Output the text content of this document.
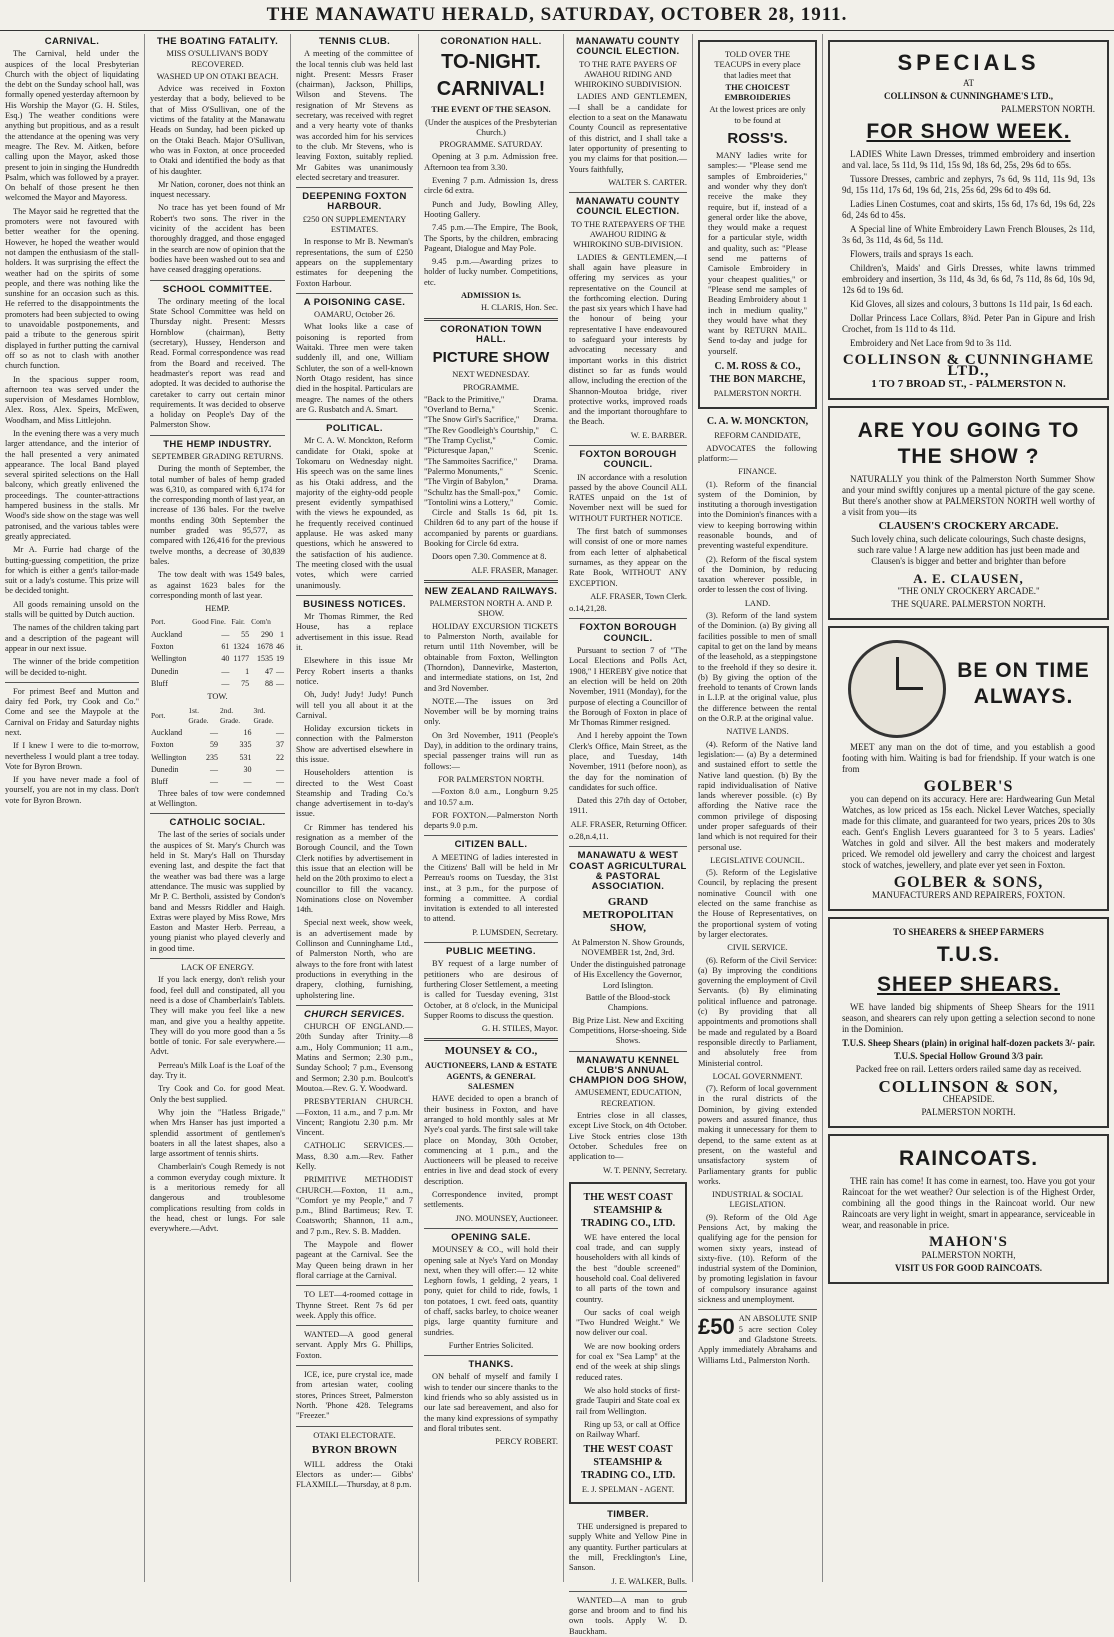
THE MANAWATU HERALD, SATURDAY, OCTOBER 28, 1911.
CARNIVAL.

The Carnival, held under the auspices of the local Presbyterian Church with the object of liquidating the debt on the Sunday school hall, was formally opened yesterday afternoon by His Worship the Mayor (G. H. Stiles, Esq.) The weather conditions were anything but propitious, and as a result the attendance at the opening was very meagre. The Rev. M. Aitken, before calling upon the Mayor, asked those present to join in singing the Hundredth Psalm, which was followed by a prayer. On behalf of those present he then welcomed the Mayor and Mayoress.

The Mayor said he regretted that the promoters were not favoured with better weather for the opening. However, he hoped the weather would not dampen the enthusiasm of the stall-holders. It was surprising the effect the weather had on the spirits of some people, and there was nothing like the sunshine for an occasion such as this. He referred to the disappointments the promoters had been subjected to owing to unavoidable postponements, and paid a tribute to the generous spirit displayed in further putting the carnival off so as not to clash with another church function.

In the spacious supper room, afternoon tea was served under the supervision of Mesdames Hornblow, Alex. Ross, Alex. Speirs, McEwen, Woodham, and Miss Littlejohn.

In the evening there was a very much larger attendance, and the interior of the hall presented a very animated appearance. The local Band played several spirited selections on the Hall balcony, which greatly enlivened the proceedings. The counter-attractions hampered business in the stalls. Mr Wood's side show on the stage was well patronised, and the various tables were greatly appreciated.

Mr A. Furrie had charge of the butting-guessing competition, the prize for which is either a gent's tailor-made suit or a lady's costume. This prize will be decided tonight.

All goods remaining unsold on the stalls will be quitted by Dutch auction.

The names of the children taking part and a description of the pageant will appear in our next issue.

The winner of the bride competition will be decided to-night.

For primest Beef and Mutton and dairy fed Pork, try Cook and Co." Come and see the Maypole at the Carnival on Friday and Saturday nights next.

If I knew I were to die to-morrow, nevertheless I would plant a tree today. Vote for Byron Brown.

If you have never made a fool of yourself, you are not in my class. Don't vote for Byron Brown.

THE BOATING FATALITY.
MISS O'SULLIVAN'S BODY RECOVERED.
WASHED UP ON OTAKI BEACH.

Advice was received in Foxton yesterday that a body, believed to be that of Miss O'Sullivan, one of the victims of the fatality at the Manawatu Heads on Sunday, had been picked up on the Otaki Beach. Major O'Sullivan, who was in Foxton, at once proceeded to Otaki and identified the body as that of his daughter.

Mr Nation, coroner, does not think an inquest necessary.

No trace has yet been found of Mr Robert's two sons. The river in the vicinity of the accident has been thoroughly dragged, and those engaged in the search are now of opinion that the bodies have been washed out to sea and have ceased dragging operations.

SCHOOL COMMITTEE.

The ordinary meeting of the local State School Committee was held on Thursday night. Present: Messrs Hornblow (chairman), Betty (secretary), Hussey, Henderson and Read. Formal correspondence was read from the Board and received. The headmaster's report was read and adopted. It was decided to authorise the caretaker to carry out certain minor requirements. It was decided to observe a holiday on People's Day of the Palmerston Show.

THE HEMP INDUSTRY.
SEPTEMBER GRADING RETURNS.

During the month of September, the total number of bales of hemp graded was 6,310, as compared with 6,174 for the corresponding month of last year, an increase of 136 bales. For the twelve months ending 30th September the number graded was 95,577, as compared with 126,416 for the previous twelve months, a decrease of 30,839 bales.

The tow dealt with was 1549 bales, as against 1623 bales for the corresponding month of last year.

HEMP.
Port.	Good Fine.	Fair.	Com'n	
Auckland	—	55	290	1
Foxton	61	1324	1678	46
Wellington	40	1177	1535	19
Dunedin	—	1	47	—
Bluff	—	75	88	—
TOW.
Port.	1st. Grade.	2nd. Grade.	3rd. Grade.
Auckland	—	16	—
Foxton	59	335	37
Wellington	235	531	22
Dunedin	—	30	—
Bluff	—	—	—

Three bales of tow were condemned at Wellington.

CATHOLIC SOCIAL.

The last of the series of socials under the auspices of St. Mary's Church was held in St. Mary's Hall on Thursday evening last, and despite the fact that the weather was bad there was a large attendance. The music was supplied by Mr P. C. Bertholi, assisted by Condon's band and Messrs Riddler and Haigh. Extras were played by Miss Rowe, Mrs Easton and Master Herb. Perreau, a young pianist who played cleverly and in good time.

LACK OF ENERGY.

If you lack energy, don't relish your food, feel dull and constipated, all you need is a dose of Chamberlain's Tablets. They will make you feel like a new man, and give you a healthy appetite. They will do you more good than a 5s bottle of tonic. For sale everywhere.—Advt.

Perreau's Milk Loaf is the Loaf of the day. Try it.

Try Cook and Co. for good Meat. Only the best supplied.

Why join the "Hatless Brigade," when Mrs Hanser has just imported a splendid assortment of gentlemen's boaters in all the latest shapes, also a large assortment of tennis shirts.

Chamberlain's Cough Remedy is not a common everyday cough mixture. It is a meritorious remedy for all dangerous and troublesome complications resulting from colds in the head, chest or lungs. For sale everywhere.—Advt.

TENNIS CLUB.

A meeting of the committee of the local tennis club was held last night. Present: Messrs Fraser (chairman), Jackson, Phillips, Wilson and Stevens. The resignation of Mr Stevens as secretary, was received with regret and a very hearty vote of thanks was accorded him for his services to the club. Mr Stevens, who is leaving Foxton, suitably replied. Mr Gabites was unanimously elected secretary and treasurer.

DEEPENING FOXTON HARBOUR.
£250 ON SUPPLEMENTARY ESTIMATES.

In response to Mr B. Newman's representations, the sum of £250 appears on the supplementary estimates for deepening the Foxton Harbour.

A POISONING CASE.
OAMARU, October 26.

What looks like a case of poisoning is reported from Waitaki. Three men were taken suddenly ill, and one, William Schluter, the son of a well-known North Otago resident, has since died in the hospital. Particulars are meagre. The names of the others are G. Rusbatch and A. Smart.

POLITICAL.

Mr C. A. W. Monckton, Reform candidate for Otaki, spoke at Tokomaru on Wednesday night. His speech was on the same lines as his Otaki address, and the majority of the eighty-odd people present evidently sympathised with the views he expounded, as he frequently received continued applause. He was asked many questions, which he answered to the satisfaction of his audience. The meeting closed with the usual votes, which were carried unanimously.

BUSINESS NOTICES.

Mr Thomas Rimmer, the Red House, has a replace advertisement in this issue. Read it.

Elsewhere in this issue Mr Percy Robert inserts a thanks notice.

Oh, Judy! Judy! Judy! Punch will tell you all about it at the Carnival.

Holiday excursion tickets in connection with the Palmerston Show are advertised elsewhere in this issue.

Householders attention is directed to the West Coast Steamship and Trading Co.'s change advertisement in to-day's issue.

Cr Rimmer has tendered his resignation as a member of the Borough Council, and the Town Clerk notifies by advertisement in this issue that an election will be held on the 20th proximo to elect a councillor to fill the vacancy. Nominations close on November 14th.

Special next week, show week, is an advertisement made by Collinson and Cunninghame Ltd., of Palmerston North, who are always to the fore front with latest productions in everything in the drapery, clothing, furnishing, upholstering line.

CHURCH SERVICES.

CHURCH OF ENGLAND.—20th Sunday after Trinity.—8 a.m., Holy Communion; 11 a.m., Matins and Sermon; 2.30 p.m., Sunday School; 7 p.m., Evensong and Sermon; 2.30 p.m. Boulcott's Moutoa.—Rev. G. Y. Woodward.

PRESBYTERIAN CHURCH.—Foxton, 11 a.m., and 7 p.m. Mr Vincent; Rangiotu 2.30 p.m. Mr Vincent.

CATHOLIC SERVICES.—Mass, 8.30 a.m.—Rev. Father Kelly.

PRIMITIVE METHODIST CHURCH.—Foxton, 11 a.m., "Comfort ye my People," and 7 p.m., Blind Bartimeus; Rev. T. Coatsworth; Shannon, 11 a.m., and 7 p.m., Rev. S. B. Madden.

The Maypole and flower pageant at the Carnival. See the May Queen being drawn in her floral carriage at the Carnival.

TO LET—4-roomed cottage in Thynne Street. Rent 7s 6d per week. Apply this office.

WANTED—A good general servant. Apply Mrs G. Phillips, Foxton.

ICE, ice, pure crystal ice, made from artesian water, cooling stores, Princes Street, Palmerston North. 'Phone 428. Telegrams "Freezer."

OTAKI ELECTORATE.
BYRON BROWN

WILL address the Otaki Electors as under:— Gibbs' FLAXMILL—Thursday, at 8 p.m.

CORONATION HALL.
TO-NIGHT.
CARNIVAL!
THE EVENT OF THE SEASON.
(Under the auspices of the Presbyterian Church.)
PROGRAMME. SATURDAY.

Opening at 3 p.m. Admission free. Afternoon tea from 3.30.

Evening 7 p.m. Admission 1s, dress circle 6d extra.

Punch and Judy, Bowling Alley, Hooting Gallery.

7.45 p.m.—The Empire, The Book, The Sports, by the children, embracing Pageant, Dialogue and May Pole.

9.45 p.m.—Awarding prizes to holder of lucky number. Competitions, etc.

ADMISSION 1s.
H. CLARIS, Hon. Sec.
CORONATION TOWN HALL.
PICTURE SHOW
NEXT WEDNESDAY.
PROGRAMME.
"Back to the Primitive,"	Drama.
"Overland to Berna,"	Scenic.
"The Snow Girl's Sacrifice," Drama.
"The Rev Goodleigh's Courtship," C.
"The Tramp Cyclist,"	Comic.
"Picturesque Japan,"	Scenic.
"The Sammoites Sacrifice," Drama.
"Palermo Monuments,"	Scenic.
"The Virgin of Babylon,"	Drama.
"Schultz has the Small-pox," Comic.
"Tontolini wins a Lottery," Comic.

Circle and Stalls 1s 6d, pit 1s. Children 6d to any part of the house if accompanied by parents or guardians. Booking for Circle 6d extra.

Doors open 7.30. Commence at 8.

ALF. FRASER, Manager.
NEW ZEALAND RAILWAYS.
PALMERSTON NORTH A. AND P. SHOW.

HOLIDAY EXCURSION TICKETS to Palmerston North, available for return until 11th November, will be obtainable from Foxton, Wellington (Thorndon), Dannevirke, Masterton, and intermediate stations, on 1st, 2nd and 3rd November.

NOTE.—The issues on 3rd November will be by morning trains only.

On 3rd November, 1911 (People's Day), in addition to the ordinary trains, special passenger trains will run as follows:—

FOR PALMERSTON NORTH.

—Foxton 8.0 a.m., Longburn 9.25 and 10.57 a.m.

FOR FOXTON.—Palmerston North departs 9.0 p.m.

CITIZEN BALL.

A MEETING of ladies interested in the Citizens' Ball will be held in Mr Perreau's rooms on Tuesday, the 31st inst., at 3 p.m., for the purpose of forming a committee. A cordial invitation is extended to all interested to attend.

P. LUMSDEN, Secretary.
PUBLIC MEETING.

BY request of a large number of petitioners who are desirous of furthering Closer Settlement, a meeting is called for Tuesday evening, 31st October, at 8 o'clock, in the Municipal Supper Rooms to discuss the question.

G. H. STILES, Mayor.
MOUNSEY & CO.,
AUCTIONEERS, LAND & ESTATE AGENTS, & GENERAL SALESMEN

HAVE decided to open a branch of their business in Foxton, and have arranged to hold monthly sales at Mr Nye's coal yards. The first sale will take place on Monday, 30th October, commencing at 1 p.m., and the Auctioneers will be pleased to receive entries in live and dead stock of every description.

Correspondence invited, prompt settlements.

JNO. MOUNSEY, Auctioneer.
OPENING SALE.

MOUNSEY & CO., will hold their opening sale at Nye's Yard on Monday next, when they will offer:— 12 white Leghorn fowls, 1 gelding, 2 years, 1 pony, quiet for child to ride, fowls, 1 ton potatoes, 1 cwt. feed oats, quantity of chaff, sacks barley, to choice weaner pigs, large quantity furniture and sundries.

Further Entries Solicited.
THANKS.

ON behalf of myself and family I wish to tender our sincere thanks to the kind friends who so ably assisted us in our late sad bereavement, and also for the many kind expressions of sympathy and floral tributes sent.

PERCY ROBERT.
MANAWATU COUNTY COUNCIL ELECTION.
TO THE RATE PAYERS OF AWAHOU RIDING AND WHIROKINO SUBDIVISION.

LADIES AND GENTLEMEN,—I shall be a candidate for election to a seat on the Manawatu County Council as representative of this district, and I shall take a later opportunity of presenting to you my claims for that position.—Yours faithfully,

WALTER S. CARTER.
MANAWATU COUNTY COUNCIL ELECTION.
TO THE RATEPAYERS OF THE AWAHOU RIDING & WHIROKINO SUB-DIVISION.

LADIES & GENTLEMEN,—I shall again have pleasure in offering my services as your representative on the Council at the forthcoming election. During the past six years which I have had the honour of being your representative I have endeavoured to safeguard your interests by advocating necessary and important works in this district distinct so far as funds would allow, including the erection of the Shannon-Moutoa bridge, river protective works, improved roads and the important thoroughfare to the Beach.

W. E. BARBER.
FOXTON BOROUGH COUNCIL.

IN accordance with a resolution passed by the above Council ALL RATES unpaid on the 1st of November next will be sued for WITHOUT FURTHER NOTICE.

The first batch of summonses will consist of one or more names from each letter of alphabetical surnames, as they appear on the Rate Book, WITHOUT ANY EXCEPTION.

ALF. FRASER, Town Clerk.
o.14,21,28.
FOXTON BOROUGH COUNCIL.

Pursuant to section 7 of "The Local Elections and Polls Act, 1908," I HEREBY give notice that an election will be held on 20th November, 1911 (Monday), for the purpose of electing a Councillor of the Borough of Foxton in place of Mr Thomas Rimmer resigned.

And I hereby appoint the Town Clerk's Office, Main Street, as the place, and Tuesday, 14th November, 1911 (before noon), as the day for the nomination of candidates for such office.

Dated this 27th day of October, 1911.

ALF. FRASER, Returning Officer.
o.28,n.4,11.
MANAWATU & WEST COAST AGRICULTURAL & PASTORAL ASSOCIATION.
GRAND METROPOLITAN SHOW,
At Palmerston N. Show Grounds, NOVEMBER 1st, 2nd, 3rd.
Under the distinguished patronage of His Excellency the Governor, Lord Islington.
Battle of the Blood-stock Champions.
Big Prize List. New and Exciting Competitions, Horse-shoeing. Side Shows.
MANAWATU KENNEL CLUB'S ANNUAL CHAMPION DOG SHOW,
AMUSEMENT, EDUCATION, RECREATION.

Entries close in all classes, except Live Stock, on 4th October. Live Stock entries close 13th October. Schedules free on application to—

W. T. PENNY, Secretary.
THE WEST COAST STEAMSHIP & TRADING CO., LTD.

WE have entered the local coal trade, and can supply householders with all kinds of the best "double screened" household coal. Coal delivered to all parts of the town and country.

Our sacks of coal weigh "Two Hundred Weight." We now deliver our coal.

We are now booking orders for coal ex "Sea Lamp" at the end of the week at ship slings reduced rates.

We also hold stocks of first-grade Taupiri and State coal ex rail from Wellington.

Ring up 53, or call at Office on Railway Wharf.

THE WEST COAST STEAMSHIP & TRADING CO., LTD.
E. J. SPELMAN - AGENT.
TIMBER.

THE undersigned is prepared to supply White and Yellow Pine in any quantity. Further particulars at the mill, Frecklington's Line, Sanson.

J. E. WALKER, Bulls.

WANTED—A man to grub gorse and broom and to find his own tools. Apply W. D. Bauckham.

TOLD OVER THE TEACUPS in every place that ladies meet that
THE CHOICEST EMBROIDERIES
At the lowest prices are only to be found at
ROSS'S.

MANY ladies write for samples:— "Please send me samples of Embroideries," and wonder why they don't receive the make they require, but if, instead of a general order like the above, they would make a request for a particular style, width and quality, such as: "Please send me patterns of Camisole Embroidery in your cheapest qualities," or "Please send me samples of Beading Embroidery about 1 inch in medium quality," they would have what they want by RETURN MAIL. Send to-day and judge for yourself.

C. M. ROSS & CO., THE BON MARCHE,
PALMERSTON NORTH.
C. A. W. MONCKTON,
REFORM CANDIDATE,

ADVOCATES the following platform:—

FINANCE.

(1). Reform of the financial system of the Dominion, by instituting a thorough investigation into the Dominion's finances with a view to keeping borrowing within reasonable bounds, and of preventing wasteful expenditure.

(2). Reform of the fiscal system of the Dominion, by reducing taxation wherever possible, in order to lessen the cost of living.

LAND.

(3). Reform of the land system of the Dominion. (a) By giving all facilities possible to men of small capital to get on the land by means of the leasehold, as a steppingstone to the freehold if they so desire it. (b) By giving the option of the freehold to tenants of Crown lands in L.I.P. at the original value, plus the difference between the rental on the O.R.P. at the original value.

NATIVE LANDS.

(4). Reform of the Native land legislation:— (a) By a determined and sustained effort to settle the Native land question. (b) By the rapid individualisation of Native lands wherever possible. (c) By affording the Native race the common privilege of disposing under proper safeguards of their land which is not required for their personal use.

LEGISLATIVE COUNCIL.

(5). Reform of the Legislative Council, by replacing the present nominative Council with one elected on the same franchise as the House of Representatives, on the proportional system of voting by larger electorates.

CIVIL SERVICE.

(6). Reform of the Civil Service: (a) By improving the conditions governing the employment of Civil Servants. (b) By eliminating political influence and patronage. (c) By providing that all appointments and promotions shall be made and regulated by a Board responsible directly to Parliament, and absolutely free from Ministerial control.

LOCAL GOVERNMENT.

(7). Reform of local government in the rural districts of the Dominion, by giving extended powers and assured finance, thus making it unnecessary for them to depend, to the same extent as at present, on the wasteful and unsatisfactory system of Parliamentary grants for public works.

INDUSTRIAL & SOCIAL LEGISLATION.

(9). Reform of the Old Age Pensions Act, by making the qualifying age for the pension for women sixty years, instead of sixty-five. (10). Reform of the industrial system of the Dominion, by promoting legislation in favour of compulsory insurance against sickness and unemployment.

£50 AN ABSOLUTE SNIP 5 acre section Coley and Gladstone Streets. Apply immediately Abrahams and Williams Ltd., Palmerston North.

SPECIALS
AT
COLLINSON & CUNNINGHAME'S LTD.,
PALMERSTON NORTH.
FOR SHOW WEEK.

LADIES White Lawn Dresses, trimmed embroidery and insertion and val. lace, 5s 11d, 9s 11d, 15s 9d, 18s 6d, 25s, 29s 6d to 65s.

Tussore Dresses, cambric and zephyrs, 7s 6d, 9s 11d, 11s 9d, 13s 9d, 15s 11d, 17s 6d, 19s 6d, 21s, 25s 6d, 29s 6d to 49s 6d.

Ladies Linen Costumes, coat and skirts, 15s 6d, 17s 6d, 19s 6d, 22s 6d, 24s 6d to 45s.

A Special line of White Embroidery Lawn French Blouses, 2s 11d, 3s 6d, 3s 11d, 4s 6d, 5s 11d.

Flowers, trails and sprays 1s each.

Children's, Maids' and Girls Dresses, white lawns trimmed embroidery and insertion, 3s 11d, 4s 3d, 6s 6d, 7s 11d, 8s 6d, 10s 9d, 12s 6d to 19s 6d.

Kid Gloves, all sizes and colours, 3 buttons 1s 11d pair, 1s 6d each.

Dollar Princess Lace Collars, 8¾d. Peter Pan in Gipure and Irish Crochet, from 1s 11d to 4s 11d.

Embroidery and Net Lace from 9d to 3s 11d.

COLLINSON & CUNNINGHAME LTD.,
1 TO 7 BROAD ST., - PALMERSTON N.
ARE YOU GOING TO THE SHOW ?

NATURALLY you think of the Palmerston North Summer Show and your mind swiftly conjures up a mental picture of the gay scene. But there's another show at PALMERSTON NORTH well worthy of a visit from you—its

CLAUSEN'S CROCKERY ARCADE.

Such lovely china, such delicate colourings, Such chaste designs, such rare value ! A large new addition has just been made and Clausen's is bigger and better and brighter than before

A. E. CLAUSEN,
"THE ONLY CROCKERY ARCADE."
THE SQUARE. PALMERSTON NORTH.
BE ON TIME ALWAYS.

MEET any man on the dot of time, and you establish a good footing with him. Waiting is bad for friendship. If your watch is one from

GOLBER'S

you can depend on its accuracy. Here are: Hardwearing Gun Metal Watches, as low priced as 15s each. Nickel Lever Watches, specially made for this climate, and guaranteed for two years, prices 20s to 30s each. Gent's English Levers guaranteed for 3 to 5 years. Ladies' Watches in gold and silver. All the best makers and moderately priced. We remodel old jewellery and carry the choicest and largest stock of watches, jewellery, and plate ever yet seen in Foxton.

GOLBER & SONS,
MANUFACTURERS AND REPAIRERS, FOXTON.
TO SHEARERS & SHEEP FARMERS
T.U.S.
SHEEP SHEARS.

WE have landed big shipments of Sheep Shears for the 1911 season, and shearers can rely upon getting a selection second to none in the Dominion.

T.U.S. Sheep Shears (plain) in original half-dozen packets 3/- pair.
T.U.S. Special Hollow Ground 3/3 pair.
Packed free on rail. Letters orders railed same day as received.
COLLINSON & SON,
CHEAPSIDE.
PALMERSTON NORTH.
RAINCOATS.

THE rain has come! It has come in earnest, too. Have you got your Raincoat for the wet weather? Our selection is of the Highest Order, combining all the good things in the Raincoat world. Our new Raincoats are very light in weight, smart in appearance, serviceable in wear, and reasonable in price.

MAHON'S
PALMERSTON NORTH,
VISIT US FOR GOOD RAINCOATS.
